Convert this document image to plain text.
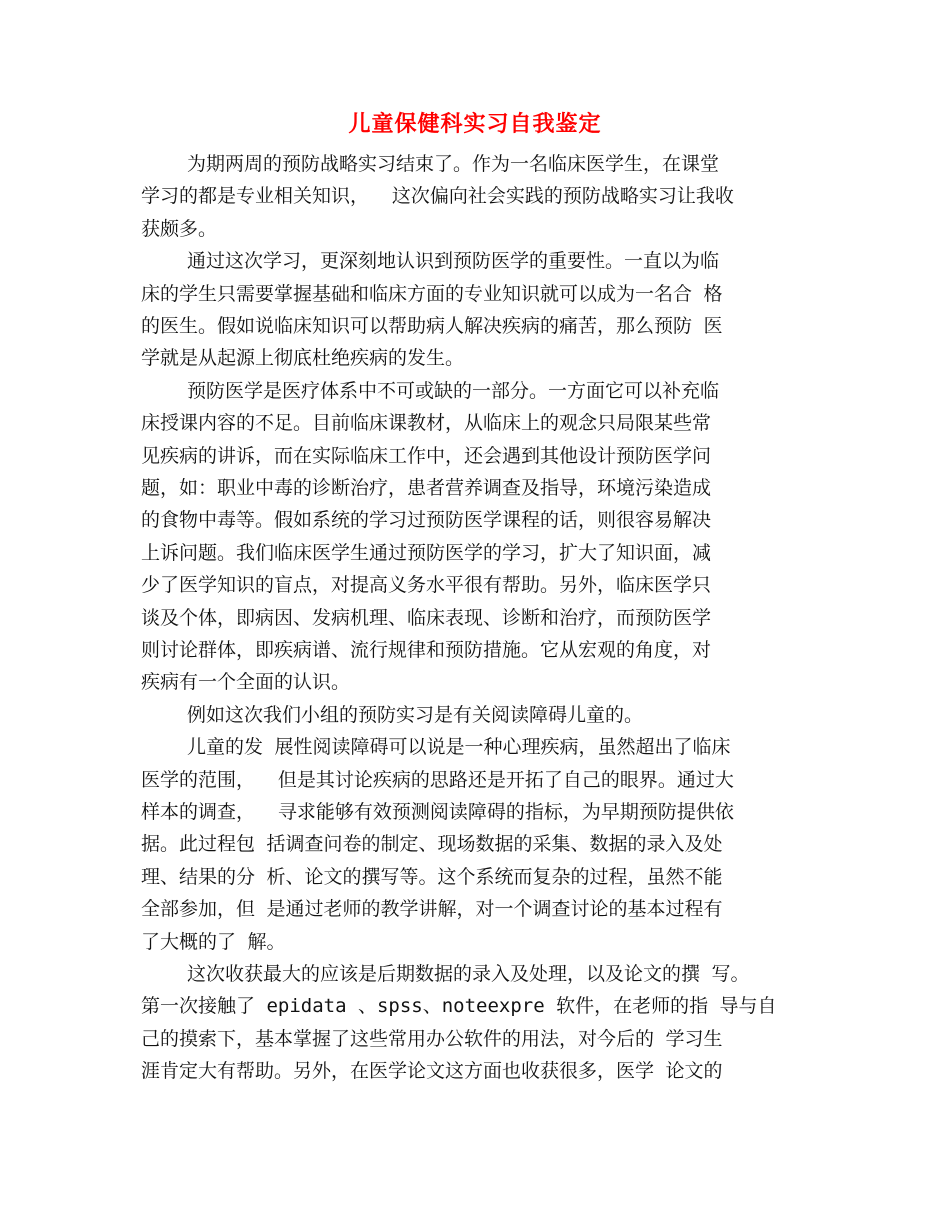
儿童保健科实习自我鉴定
为期两周的预防战略实习结束了。作为一名临床医学生，在课堂
学习的都是专业相关知识，  这次偏向社会实践的预防战略实习让我收
获颇多。
通过这次学习，更深刻地认识到预防医学的重要性。一直以为临
床的学生只需要掌握基础和临床方面的专业知识就可以成为一名合 格
的医生。假如说临床知识可以帮助病人解决疾病的痛苦，那么预防 医
学就是从起源上彻底杜绝疾病的发生。
预防医学是医疗体系中不可或缺的一部分。一方面它可以补充临
床授课内容的不足。目前临床课教材，从临床上的观念只局限某些常
见疾病的讲诉，而在实际临床工作中，还会遇到其他设计预防医学问
题，如：职业中毒的诊断治疗，患者营养调查及指导，环境污染造成
的食物中毒等。假如系统的学习过预防医学课程的话，则很容易解决
上诉问题。我们临床医学生通过预防医学的学习，扩大了知识面，减
少了医学知识的盲点，对提高义务水平很有帮助。另外，临床医学只
谈及个体，即病因、发病机理、临床表现、诊断和治疗，而预防医学
则讨论群体，即疾病谱、流行规律和预防措施。它从宏观的角度，对
疾病有一个全面的认识。
例如这次我们小组的预防实习是有关阅读障碍儿童的。
儿童的发 展性阅读障碍可以说是一种心理疾病，虽然超出了临床
医学的范围，  但是其讨论疾病的思路还是开拓了自己的眼界。通过大
样本的调查，  寻求能够有效预测阅读障碍的指标，为早期预防提供依
据。此过程包 括调查问卷的制定、现场数据的采集、数据的录入及处
理、结果的分 析、论文的撰写等。这个系统而复杂的过程，虽然不能
全部参加，但 是通过老师的教学讲解，对一个调查讨论的基本过程有
了大概的了 解。
这次收获最大的应该是后期数据的录入及处理，以及论文的撰 写。
第一次接触了 epidata 、spss、noteexpre 软件，在老师的指 导与自
己的摸索下，基本掌握了这些常用办公软件的用法，对今后的 学习生
涯肯定大有帮助。另外，在医学论文这方面也收获很多，医学 论文的
